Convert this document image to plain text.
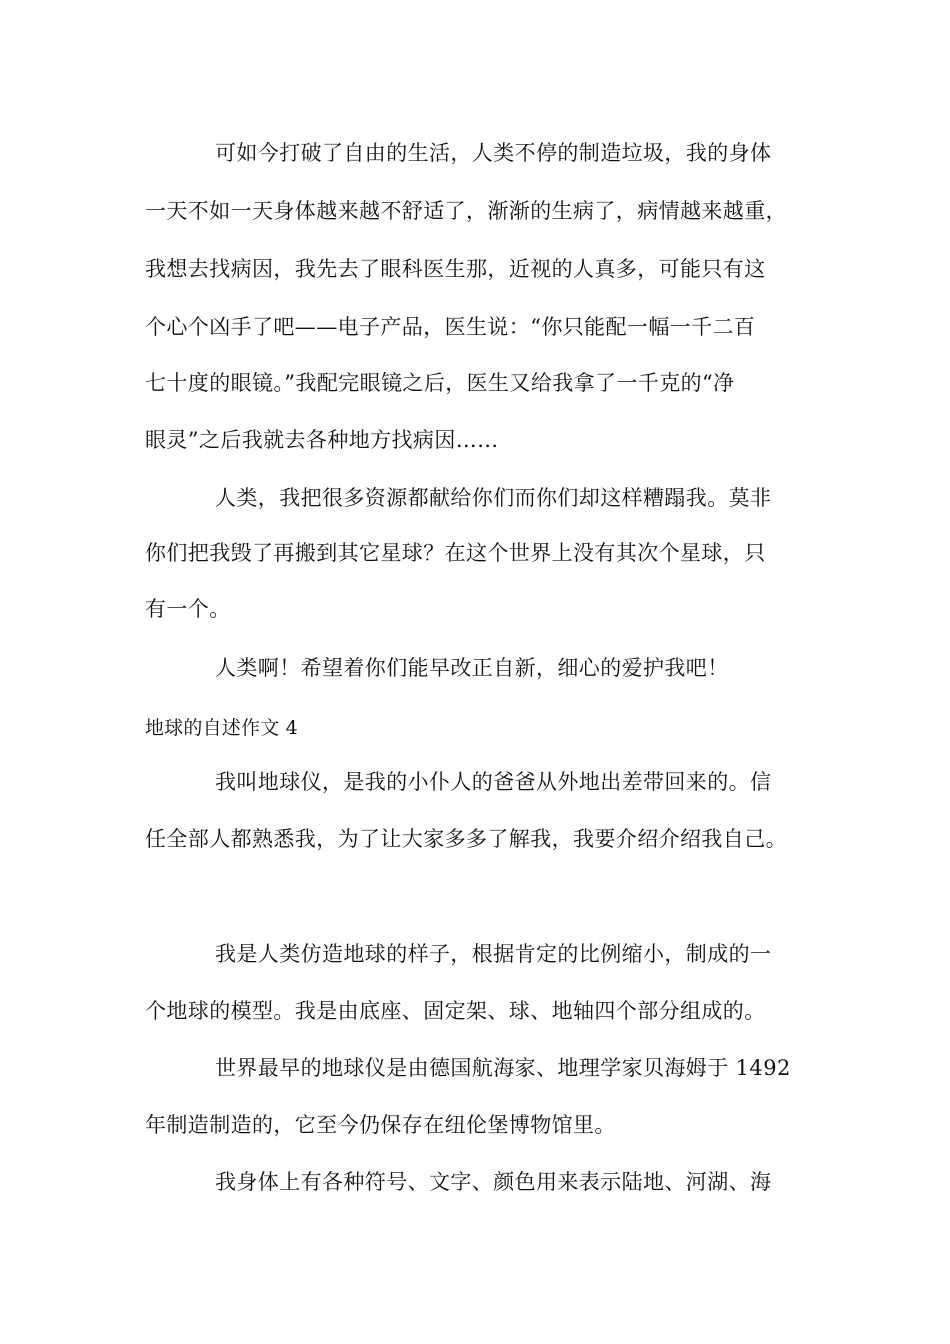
可如今打破了自由的生活，人类不停的制造垃圾，我的身体
一天不如一天身体越来越不舒适了，渐渐的生病了，病情越来越重，
我想去找病因，我先去了眼科医生那，近视的人真多，可能只有这
个心个凶手了吧——电子产品，医生说：“你只能配一幅一千二百
七十度的眼镜。”我配完眼镜之后，医生又给我拿了一千克的“净
眼灵”之后我就去各种地方找病因……
人类，我把很多资源都献给你们而你们却这样糟蹋我。莫非
你们把我毁了再搬到其它星球？在这个世界上没有其次个星球，只
有一个。
人类啊！希望着你们能早改正自新，细心的爱护我吧！
地球的自述作文 4
我叫地球仪，是我的小仆人的爸爸从外地出差带回来的。信
任全部人都熟悉我，为了让大家多多了解我，我要介绍介绍我自己。
我是人类仿造地球的样子，根据肯定的比例缩小，制成的一
个地球的模型。我是由底座、固定架、球、地轴四个部分组成的。
世界最早的地球仪是由德国航海家、地理学家贝海姆于 1492
年制造制造的，它至今仍保存在纽伦堡博物馆里。
我身体上有各种符号、文字、颜色用来表示陆地、河湖、海
